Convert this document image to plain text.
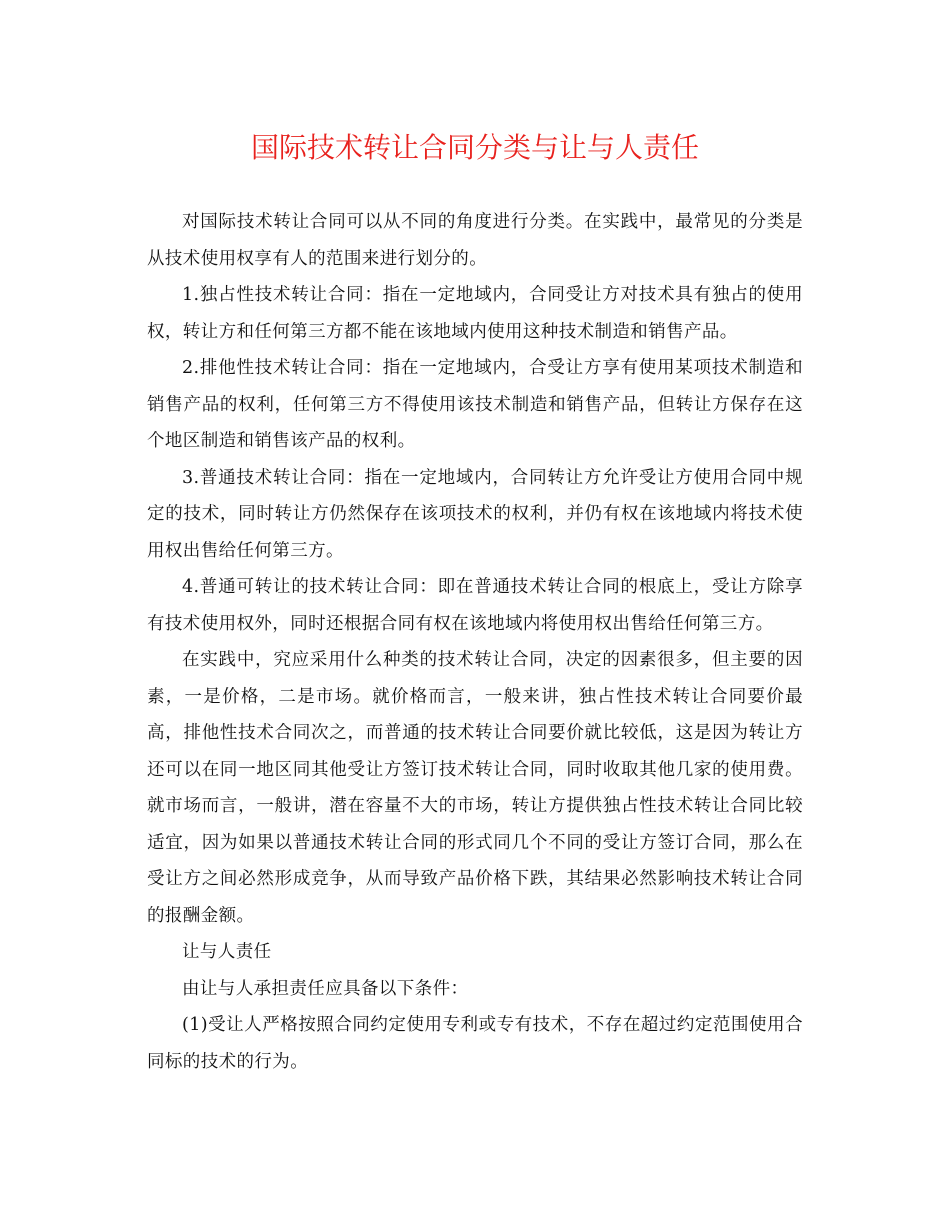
国际技术转让合同分类与让与人责任

对国际技术转让合同可以从不同的角度进行分类。在实践中，最常见的分类是从技术使用权享有人的范围来进行划分的。

1.独占性技术转让合同：指在一定地域内，合同受让方对技术具有独占的使用权，转让方和任何第三方都不能在该地域内使用这种技术制造和销售产品。

2.排他性技术转让合同：指在一定地域内，合受让方享有使用某项技术制造和销售产品的权利，任何第三方不得使用该技术制造和销售产品，但转让方保存在这个地区制造和销售该产品的权利。

3.普通技术转让合同：指在一定地域内，合同转让方允许受让方使用合同中规定的技术，同时转让方仍然保存在该项技术的权利，并仍有权在该地域内将技术使用权出售给任何第三方。

4.普通可转让的技术转让合同：即在普通技术转让合同的根底上，受让方除享有技术使用权外，同时还根据合同有权在该地域内将使用权出售给任何第三方。

在实践中，究应采用什么种类的技术转让合同，决定的因素很多，但主要的因素，一是价格，二是市场。就价格而言，一般来讲，独占性技术转让合同要价最高，排他性技术合同次之，而普通的技术转让合同要价就比较低，这是因为转让方还可以在同一地区同其他受让方签订技术转让合同，同时收取其他几家的使用费。就市场而言，一般讲，潜在容量不大的市场，转让方提供独占性技术转让合同比较适宜，因为如果以普通技术转让合同的形式同几个不同的受让方签订合同，那么在受让方之间必然形成竞争，从而导致产品价格下跌，其结果必然影响技术转让合同的报酬金额。

让与人责任

由让与人承担责任应具备以下条件：

(1)受让人严格按照合同约定使用专利或专有技术，不存在超过约定范围使用合同标的技术的行为。
